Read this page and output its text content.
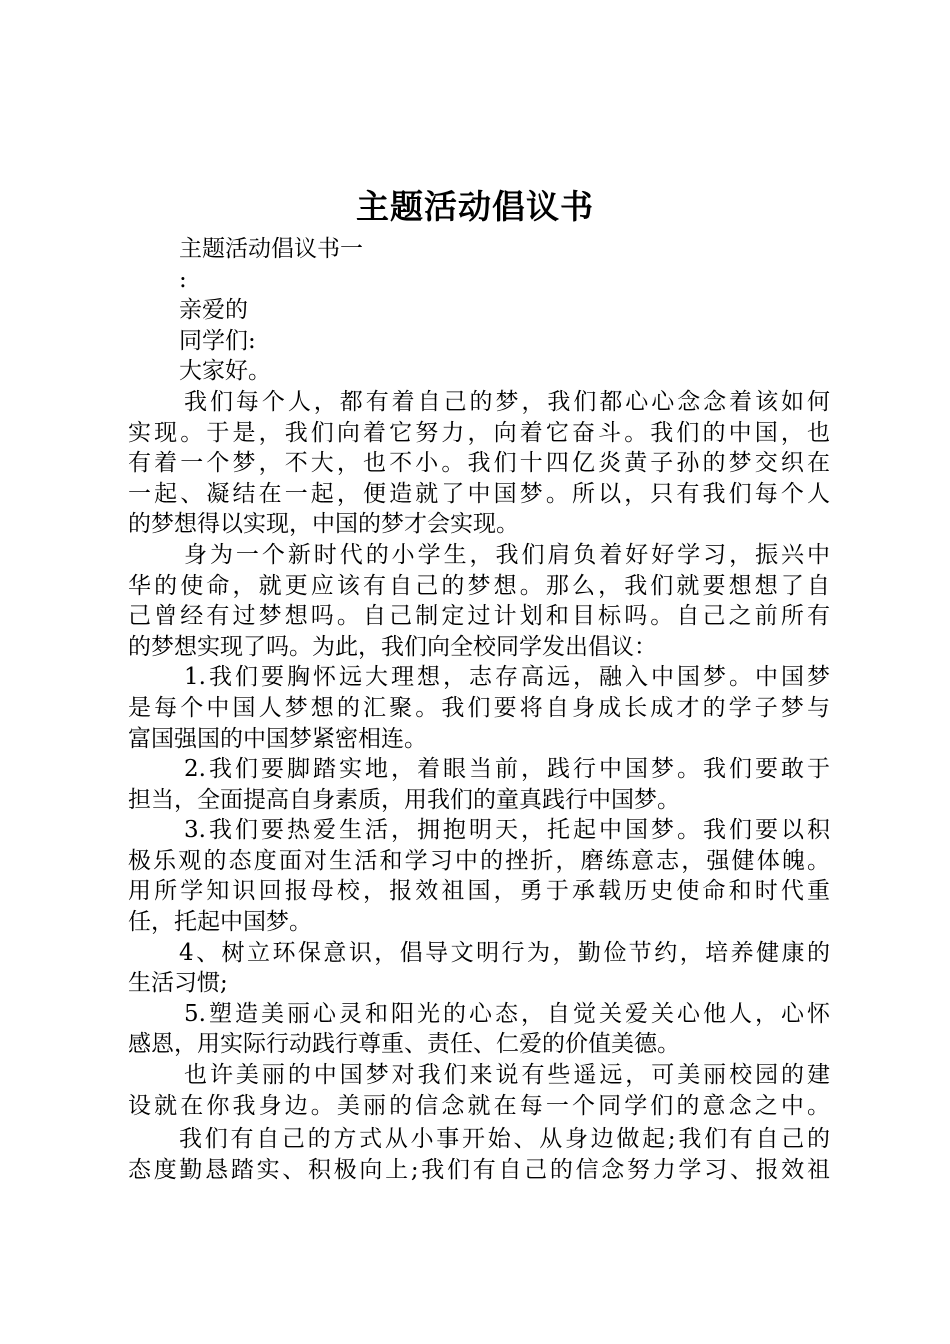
主题活动倡议书
主题活动倡议书一
:
亲爱的
同学们:
大家好。
我们每个人，都有着自己的梦，我们都心心念念着该如何
实现。于是，我们向着它努力，向着它奋斗。我们的中国，也
有着一个梦，不大，也不小。我们十四亿炎黄子孙的梦交织在
一起、凝结在一起，便造就了中国梦。所以，只有我们每个人
的梦想得以实现，中国的梦才会实现。
身为一个新时代的小学生，我们肩负着好好学习，振兴中
华的使命，就更应该有自己的梦想。那么，我们就要想想了自
己曾经有过梦想吗。自己制定过计划和目标吗。自己之前所有
的梦想实现了吗。为此，我们向全校同学发出倡议：
1.我们要胸怀远大理想，志存高远，融入中国梦。中国梦
是每个中国人梦想的汇聚。我们要将自身成长成才的学子梦与
富国强国的中国梦紧密相连。
2.我们要脚踏实地，着眼当前，践行中国梦。我们要敢于
担当，全面提高自身素质，用我们的童真践行中国梦。
3.我们要热爱生活，拥抱明天，托起中国梦。我们要以积
极乐观的态度面对生活和学习中的挫折，磨练意志，强健体魄。
用所学知识回报母校，报效祖国，勇于承载历史使命和时代重
任，托起中国梦。
4、树立环保意识，倡导文明行为，勤俭节约，培养健康的
生活习惯;
5.塑造美丽心灵和阳光的心态，自觉关爱关心他人，心怀
感恩，用实际行动践行尊重、责任、仁爱的价值美德。
也许美丽的中国梦对我们来说有些遥远，可美丽校园的建
设就在你我身边。美丽的信念就在每一个同学们的意念之中。
我们有自己的方式从小事开始、从身边做起;我们有自己的
态度勤恳踏实、积极向上;我们有自己的信念努力学习、报效祖
